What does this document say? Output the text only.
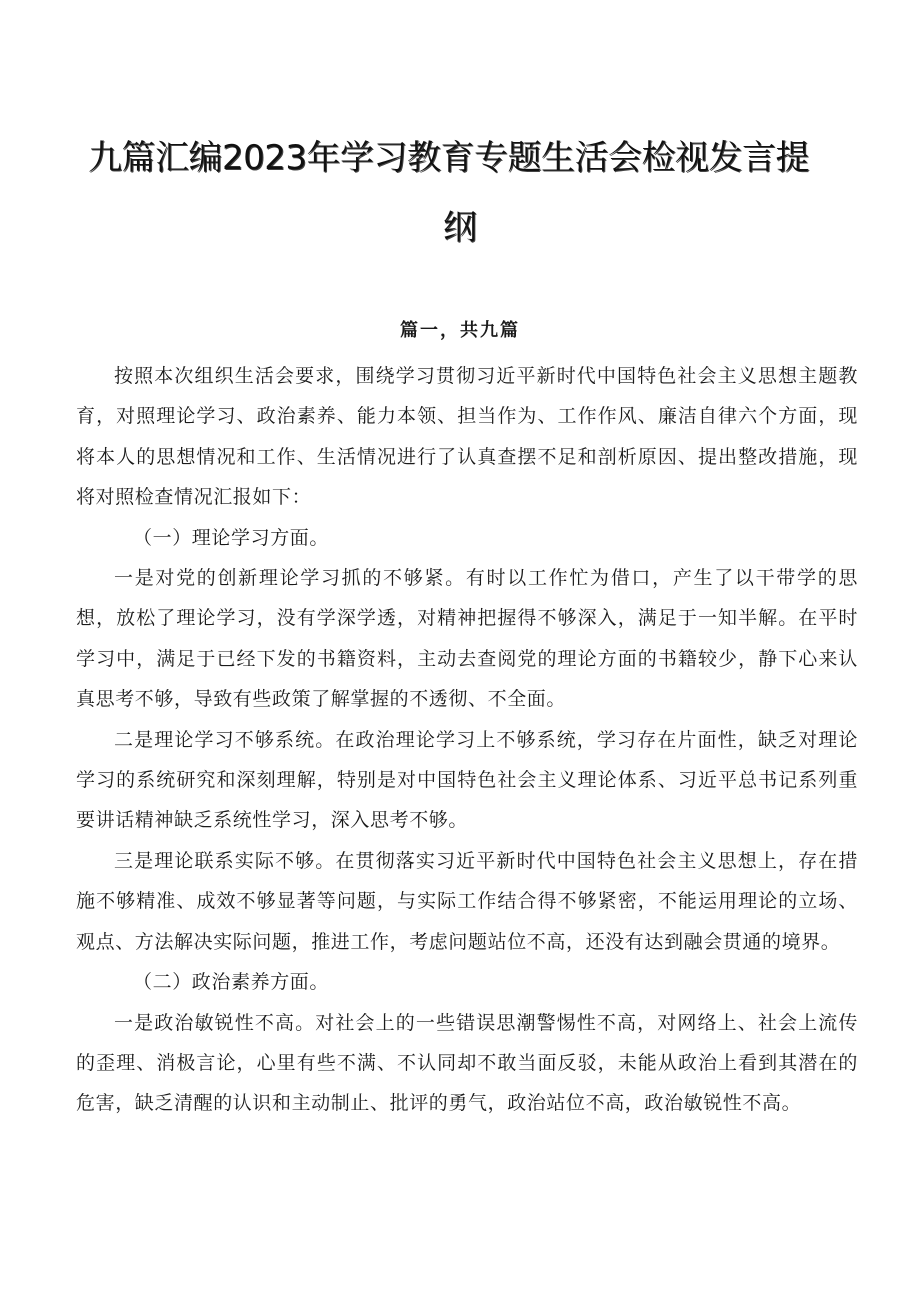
九篇汇编2023年学习教育专题生活会检视发言提
纲
篇一，共九篇

按照本次组织生活会要求，围绕学习贯彻习近平新时代中国特色社会主义思想主题教育，对照理论学习、政治素养、能力本领、担当作为、工作作风、廉洁自律六个方面，现将本人的思想情况和工作、生活情况进行了认真查摆不足和剖析原因、提出整改措施，现将对照检查情况汇报如下：

（一）理论学习方面。

一是对党的创新理论学习抓的不够紧。有时以工作忙为借口，产生了以干带学的思想，放松了理论学习，没有学深学透，对精神把握得不够深入，满足于一知半解。在平时学习中，满足于已经下发的书籍资料，主动去查阅党的理论方面的书籍较少，静下心来认真思考不够，导致有些政策了解掌握的不透彻、不全面。

二是理论学习不够系统。在政治理论学习上不够系统，学习存在片面性，缺乏对理论学习的系统研究和深刻理解，特别是对中国特色社会主义理论体系、习近平总书记系列重要讲话精神缺乏系统性学习，深入思考不够。

三是理论联系实际不够。在贯彻落实习近平新时代中国特色社会主义思想上，存在措施不够精准、成效不够显著等问题，与实际工作结合得不够紧密，不能运用理论的立场、观点、方法解决实际问题，推进工作，考虑问题站位不高，还没有达到融会贯通的境界。

（二）政治素养方面。

一是政治敏锐性不高。对社会上的一些错误思潮警惕性不高，对网络上、社会上流传的歪理、消极言论，心里有些不满、不认同却不敢当面反驳，未能从政治上看到其潜在的危害，缺乏清醒的认识和主动制止、批评的勇气，政治站位不高，政治敏锐性不高。
